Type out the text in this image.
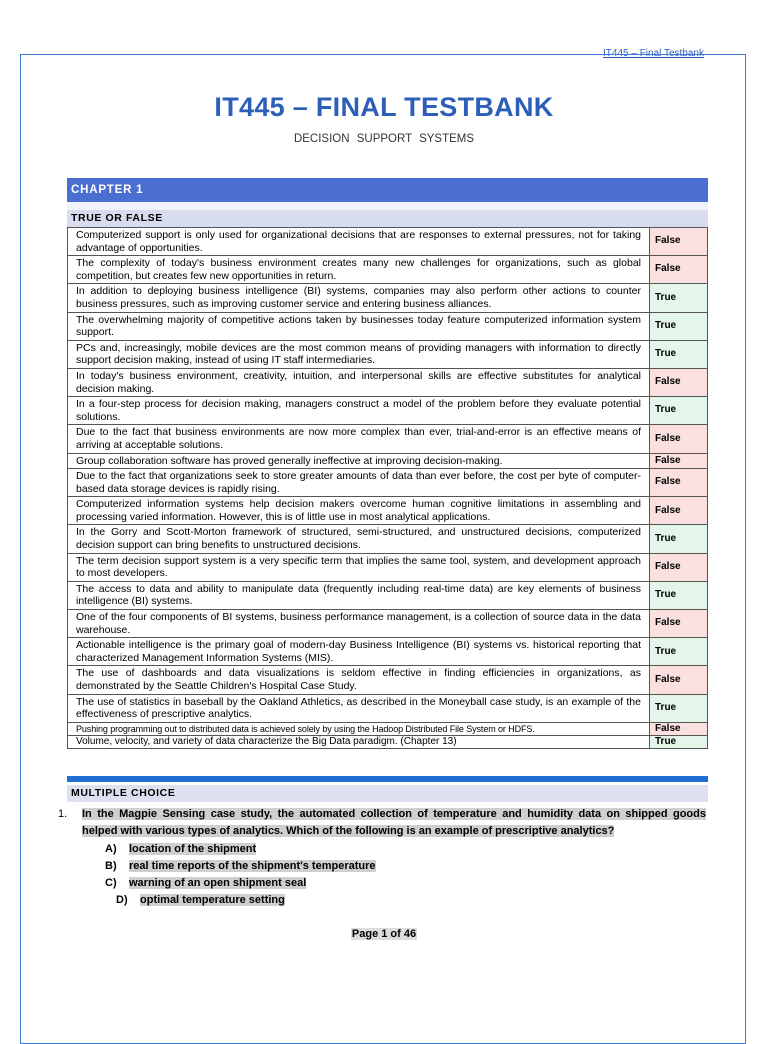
IT445 – Final Testbank
IT445 – FINAL TESTBANK
DECISION SUPPORT SYSTEMS
CHAPTER 1
TRUE OR FALSE
Computerized support is only used for organizational decisions that are responses to external pressures, not for taking advantage of opportunities.	False
The complexity of today's business environment creates many new challenges for organizations, such as global competition, but creates few new opportunities in return.	False
In addition to deploying business intelligence (BI) systems, companies may also perform other actions to counter business pressures, such as improving customer service and entering business alliances.	True
The overwhelming majority of competitive actions taken by businesses today feature computerized information system support.	True
PCs and, increasingly, mobile devices are the most common means of providing managers with information to directly support decision making, instead of using IT staff intermediaries.	True
In today's business environment, creativity, intuition, and interpersonal skills are effective substitutes for analytical decision making.	False
In a four-step process for decision making, managers construct a model of the problem before they evaluate potential solutions.	True
Due to the fact that business environments are now more complex than ever, trial-and-error is an effective means of arriving at acceptable solutions.	False
Group collaboration software has proved generally ineffective at improving decision-making.	False
Due to the fact that organizations seek to store greater amounts of data than ever before, the cost per byte of computer-based data storage devices is rapidly rising.	False
Computerized information systems help decision makers overcome human cognitive limitations in assembling and processing varied information. However, this is of little use in most analytical applications.	False
In the Gorry and Scott-Morton framework of structured, semi-structured, and unstructured decisions, computerized decision support can bring benefits to unstructured decisions.	True
The term decision support system is a very specific term that implies the same tool, system, and development approach to most developers.	False
The access to data and ability to manipulate data (frequently including real-time data) are key elements of business intelligence (BI) systems.	True
One of the four components of BI systems, business performance management, is a collection of source data in the data warehouse.	False
Actionable intelligence is the primary goal of modern-day Business Intelligence (BI) systems vs. historical reporting that characterized Management Information Systems (MIS).	True
The use of dashboards and data visualizations is seldom effective in finding efficiencies in organizations, as demonstrated by the Seattle Children's Hospital Case Study.	False
The use of statistics in baseball by the Oakland Athletics, as described in the Moneyball case study, is an example of the effectiveness of prescriptive analytics.	True
Pushing programming out to distributed data is achieved solely by using the Hadoop Distributed File System or HDFS.	False
Volume, velocity, and variety of data characterize the Big Data paradigm. (Chapter 13)	True
MULTIPLE CHOICE
1. In the Magpie Sensing case study, the automated collection of temperature and humidity data on shipped goods helped with various types of analytics. Which of the following is an example of prescriptive analytics?
A) location of the shipment
B) real time reports of the shipment's temperature
C) warning of an open shipment seal
D) optimal temperature setting
Page 1 of 46
